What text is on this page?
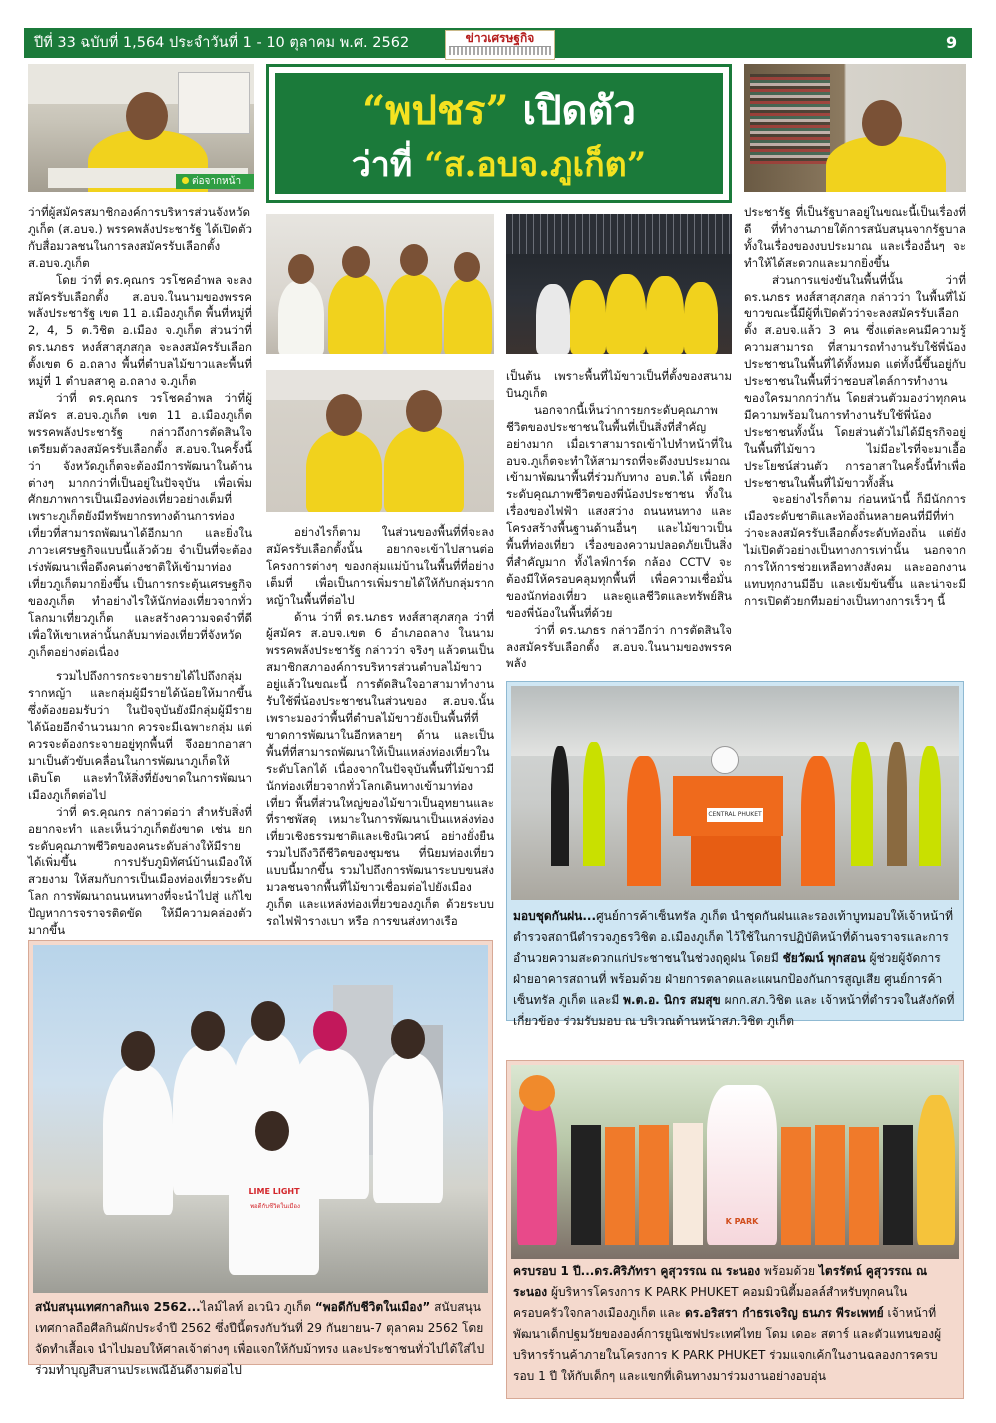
ปีที่ 33 ฉบับที่ 1,564 ประจำวันที่ 1 - 10 ตุลาคม พ.ศ. 2562	ข่าวเศรษฐกิจ	9
ต่อจากหน้า 24
“พปชร” เปิดตัว
ว่าที่ “ส.อบจ.ภูเก็ต”

ว่าที่ผู้สมัครสมาชิกองค์การบริหารส่วนจังหวัดภูเก็ต (ส.อบจ.) พรรคพลังประชารัฐ ได้เปิดตัวกับสื่อมวลชนในการลงสมัครรับเลือกตั้ง ส.อบจ.ภูเก็ต

โดย ว่าที่ ดร.คุณกร วรโชคอำพล จะลงสมัครรับเลือกตั้ง ส.อบจ.ในนามของพรรคพลังประชารัฐ เขต 11 อ.เมืองภูเก็ต พื้นที่หมู่ที่ 2, 4, 5 ต.วิชิต อ.เมือง จ.ภูเก็ต ส่วนว่าที่ ดร.นภธร หงส์สาสุภสกุล จะลงสมัครรับเลือกตั้งเขต 6 อ.ถลาง พื้นที่ตำบลไม้ขาวและพื้นที่หมู่ที่ 1 ตำบลสาคู อ.ถลาง จ.ภูเก็ต

ว่าที่ ดร.คุณกร วรโชคอำพล ว่าที่ผู้สมัคร ส.อบจ.ภูเก็ต เขต 11 อ.เมืองภูเก็ต พรรคพลังประชารัฐ กล่าวถึงการตัดสินใจเตรียมตัวลงสมัครรับเลือกตั้ง ส.อบจ.ในครั้งนี้ว่า จังหวัดภูเก็ตจะต้องมีการพัฒนาในด้านต่างๆ มากกว่าที่เป็นอยู่ในปัจจุบัน เพื่อเพิ่มศักยภาพการเป็นเมืองท่องเที่ยวอย่างเต็มที่ เพราะภูเก็ตยังมีทรัพยากรทางด้านการท่องเที่ยวที่สามารถพัฒนาได้อีกมาก และยิ่งในภาวะเศรษฐกิจแบบนี้แล้วด้วย จำเป็นที่จะต้องเร่งพัฒนาเพื่อดึงคนต่างชาติให้เข้ามาท่องเที่ยวภูเก็ตมากยิ่งขึ้น เป็นการกระตุ้นเศรษฐกิจของภูเก็ต ทำอย่างไรให้นักท่องเที่ยวจากทั่วโลกมาเที่ยวภูเก็ต และสร้างความจดจำที่ดี เพื่อให้เขาเหล่านั้นกลับมาท่องเที่ยวที่จังหวัดภูเก็ตอย่างต่อเนื่อง

รวมไปถึงการกระจายรายได้ไปถึงกลุ่มรากหญ้า และกลุ่มผู้มีรายได้น้อยให้มากขึ้น ซึ่งต้องยอมรับว่า ในปัจจุบันยังมีกลุ่มผู้มีรายได้น้อยอีกจำนวนมาก ควรจะมีเฉพาะกลุ่ม แต่ควรจะต้องกระจายอยู่ทุกพื้นที่ จึงอยากอาสามาเป็นตัวขับเคลื่อนในการพัฒนาภูเก็ตให้เติบโต และทำให้สิ่งที่ยังขาดในการพัฒนาเมืองภูเก็ตต่อไป

ว่าที่ ดร.คุณกร กล่าวต่อว่า สำหรับสิ่งที่อยากจะทำ และเห็นว่าภูเก็ตยังขาด เช่น ยกระดับคุณภาพชีวิตของคนระดับล่างให้มีรายได้เพิ่มขึ้น การปรับภูมิทัศน์บ้านเมืองให้สวยงาม ให้สมกับการเป็นเมืองท่องเที่ยวระดับโลก การพัฒนาถนนหนทางที่จะนำไปสู่ แก้ไขปัญหาการจราจรติดขัด ให้มีความคล่องตัวมากขึ้น

อย่างไรก็ตาม ในส่วนของพื้นที่ที่จะลงสมัครรับเลือกตั้งนั้น อยากจะเข้าไปสานต่อโครงการต่างๆ ของกลุ่มแม่บ้านในพื้นที่ที่อย่างเต็มที่ เพื่อเป็นการเพิ่มรายได้ให้กับกลุ่มรากหญ้าในพื้นที่ต่อไป

ด้าน ว่าที่ ดร.นภธร หงส์สาสุภสกุล ว่าที่ผู้สมัคร ส.อบจ.เขต 6 อำเภอถลาง ในนามพรรคพลังประชารัฐ กล่าวว่า จริงๆ แล้วตนเป็นสมาชิกสภาองค์การบริหารส่วนตำบลไม้ขาวอยู่แล้วในขณะนี้ การตัดสินใจอาสามาทำงานรับใช้พี่น้องประชาชนในส่วนของ ส.อบจ.นั้น เพราะมองว่าพื้นที่ตำบลไม้ขาวยังเป็นพื้นที่ที่ขาดการพัฒนาในอีกหลายๆ ด้าน และเป็นพื้นที่ที่สามารถพัฒนาให้เป็นแหล่งท่องเที่ยวในระดับโลกได้ เนื่องจากในปัจจุบันพื้นที่ไม้ขาวมีนักท่องเที่ยวจากทั่วโลกเดินทางเข้ามาท่องเที่ยว พื้นที่ส่วนใหญ่ของไม้ขาวเป็นอุทยานและที่ราชพัสดุ เหมาะในการพัฒนาเป็นแหล่งท่องเที่ยวเชิงธรรมชาติและเชิงนิเวศน์ อย่างยั่งยืน รวมไปถึงวิถีชีวิตของชุมชน ที่นิยมท่องเที่ยวแบบนี้มากขึ้น รวมไปถึงการพัฒนาระบบขนส่งมวลชนจากพื้นที่ไม้ขาวเชื่อมต่อไปยังเมืองภูเก็ต และแหล่งท่องเที่ยวของภูเก็ต ด้วยระบบรถไฟฟ้ารางเบา หรือ การขนส่งทางเรือ

เป็นต้น เพราะพื้นที่ไม้ขาวเป็นที่ตั้งของสนามบินภูเก็ต

นอกจากนี้เห็นว่าการยกระดับคุณภาพชีวิตของประชาชนในพื้นที่เป็นสิ่งที่สำคัญอย่างมาก เมื่อเราสามารถเข้าไปทำหน้าที่ในอบจ.ภูเก็ตจะทำให้สามารถที่จะดึงงบประมาณเข้ามาพัฒนาพื้นที่ร่วมกับทาง อบต.ได้ เพื่อยกระดับคุณภาพชีวิตของพี่น้องประชาชน ทั้งในเรื่องของไฟฟ้า แสงสว่าง ถนนหนทาง และโครงสร้างพื้นฐานด้านอื่นๆ และไม้ขาวเป็นพื้นที่ท่องเที่ยว เรื่องของความปลอดภัยเป็นสิ่งที่สำคัญมาก ทั้งไลฟ์การ์ด กล้อง CCTV จะต้องมีให้ครอบคลุมทุกพื้นที่ เพื่อความเชื่อมั่นของนักท่องเที่ยว และดูแลชีวิตและทรัพย์สินของพี่น้องในพื้นที่ด้วย

ว่าที่ ดร.นภธร กล่าวอีกว่า การตัดสินใจลงสมัครรับเลือกตั้ง ส.อบจ.ในนามของพรรคพลัง

ประชารัฐ ที่เป็นรัฐบาลอยู่ในขณะนี้เป็นเรื่องที่ดี ที่ทำงานภายใต้การสนับสนุนจากรัฐบาล ทั้งในเรื่องของงบประมาณ และเรื่องอื่นๆ จะทำให้ได้สะดวกและมากยิ่งขึ้น

ส่วนการแข่งขันในพื้นที่นั้น ว่าที่ ดร.นภธร หงส์สาสุภสกุล กล่าวว่า ในพื้นที่ไม้ขาวขณะนี้มีผู้ที่เปิดตัวว่าจะลงสมัครรับเลือกตั้ง ส.อบจ.แล้ว 3 คน ซึ่งแต่ละคนมีความรู้ ความสามารถ ที่สามารถทำงานรับใช้พี่น้อง ประชาชนในพื้นที่ได้ทั้งหมด แต่ทั้งนี้ขึ้นอยู่กับประชาชนในพื้นที่ว่าชอบสไตล์การทำงานของใครมากกว่ากัน โดยส่วนตัวมองว่าทุกคนมีความพร้อมในการทำงานรับใช้พี่น้องประชาชนทั้งนั้น โดยส่วนตัวไม่ได้มีธุรกิจอยู่ในพื้นที่ไม้ขาว ไม่มีอะไรที่จะมาเอื้อประโยชน์ส่วนตัว การอาสาในครั้งนี้ทำเพื่อประชาชนในพื้นที่ไม้ขาวทั้งสิ้น

จะอย่างไรก็ตาม ก่อนหน้านี้ ก็มีนักการเมืองระดับชาติและท้องถิ่นหลายคนที่มีที่ท่าว่าจะลงสมัครรับเลือกตั้งระดับท้องถิ่น แต่ยังไม่เปิดตัวอย่างเป็นทางการเท่านั้น นอกจากการให้การช่วยเหลือทางสังคม และออกงานแทบทุกงานมีอีบ และเข้มข้นขึ้น และน่าจะมีการเปิดตัวยกทีมอย่างเป็นทางการเร็วๆ นี้

CENTRAL PHUKET
มอบชุดกันฝน...ศูนย์การค้าเซ็นทรัล ภูเก็ต นำชุดกันฝนและรองเท้าบูทมอบให้เจ้าหน้าที่ตำรวจสถานีตำรวจภูธรวิชิต อ.เมืองภูเก็ต ไว้ใช้ในการปฏิบัติหน้าที่ด้านจราจรและการอำนวยความสะดวกแก่ประชาชนในช่วงฤดูฝน โดยมี ชัยวัฒน์ พุกสอน ผู้ช่วยผู้จัดการฝ่ายอาคารสถานที่ พร้อมด้วย ฝ่ายการตลาดและแผนกป้องกันการสูญเสีย ศูนย์การค้าเซ็นทรัล ภูเก็ต และมี พ.ต.อ. นิกร สมสุข ผกก.สภ.วิชิต และ เจ้าหน้าที่ตำรวจในสังกัดที่เกี่ยวข้อง ร่วมรับมอบ ณ บริเวณด้านหน้าสภ.วิชิต ภูเก็ต
LIME LIGHT
พอดีกับชีวิตในเมือง
สนับสนุนเทศกาลกินเจ 2562...ไลม์ไลท์ อเวนิว ภูเก็ต “พอดีกับชีวิตในเมือง” สนับสนุนเทศกาลถือศีลกินผักประจำปี 2562 ซึ่งปีนี้ตรงกับวันที่ 29 กันยายน-7 ตุลาคม 2562 โดยจัดทำเสื้อเจ นำไปมอบให้ศาลเจ้าต่างๆ เพื่อแจกให้กับม้าทรง และประชาชนทั่วไปได้ใส่ไปร่วมทำบุญสืบสานประเพณีอันดีงามต่อไป
K PARK
ครบรอบ 1 ปี...ดร.ศิริภัทรา คูสุวรรณ ณ ระนอง พร้อมด้วย ไตรรัตน์ คูสุวรรณ ณ ระนอง ผู้บริหารโครงการ K PARK PHUKET คอมมิวนิตี้มอลล์สำหรับทุกคนในครอบครัวใจกลางเมืองภูเก็ต และ ดร.อริสรา กำธรเจริญ ธนภร พีระเพทย์ เจ้าหน้าที่พัฒนาเด็กปฐมวัยขององค์การยูนิเซฟประเทศไทย โดม เดอะ สตาร์ และตัวแทนของผู้บริหารร้านค้าภายในโครงการ K PARK PHUKET ร่วมแจกเค้กในงานฉลองการครบรอบ 1 ปี ให้กับเด็กๆ และแขกที่เดินทางมาร่วมงานอย่างอบอุ่น
